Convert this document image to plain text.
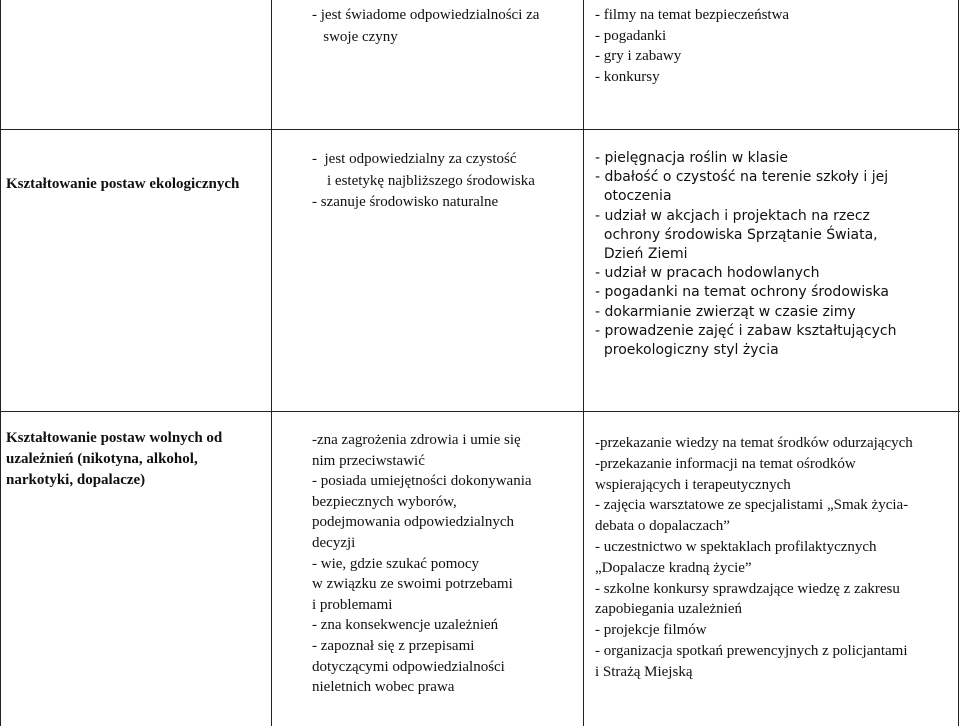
- jest świadome odpowiedzialności za
swoje czyny
- filmy na temat bezpieczeństwa
- pogadanki
- gry i zabawy
- konkursy
Kształtowanie postaw ekologicznych
-  jest odpowiedzialny za czystość
i estetykę najbliższego środowiska
- szanuje środowisko naturalne
- pielęgnacja roślin w klasie
- dbałość o czystość na terenie szkoły i jej
otoczenia
- udział w akcjach i projektach na rzecz
ochrony środowiska Sprzątanie Świata,
Dzień Ziemi
- udział w pracach hodowlanych
- pogadanki na temat ochrony środowiska
- dokarmianie zwierząt w czasie zimy
- prowadzenie zajęć i zabaw kształtujących
proekologiczny styl życia
Kształtowanie postaw wolnych od
uzależnień (nikotyna, alkohol,
narkotyki, dopalacze)
-zna zagrożenia zdrowia i umie się
nim przeciwstawić
- posiada umiejętności dokonywania
bezpiecznych wyborów,
podejmowania odpowiedzialnych
decyzji
- wie, gdzie szukać pomocy
w związku ze swoimi potrzebami
i problemami
- zna konsekwencje uzależnień
- zapoznał się z przepisami
dotyczącymi odpowiedzialności
nieletnich wobec prawa
-przekazanie wiedzy na temat środków odurzających
-przekazanie informacji na temat ośrodków
wspierających i terapeutycznych
- zajęcia warsztatowe ze specjalistami „Smak życia-
debata o dopalaczach”
- uczestnictwo w spektaklach profilaktycznych
„Dopalacze kradną życie”
- szkolne konkursy sprawdzające wiedzę z zakresu
zapobiegania uzależnień
- projekcje filmów
- organizacja spotkań prewencyjnych z policjantami
i Strażą Miejską
